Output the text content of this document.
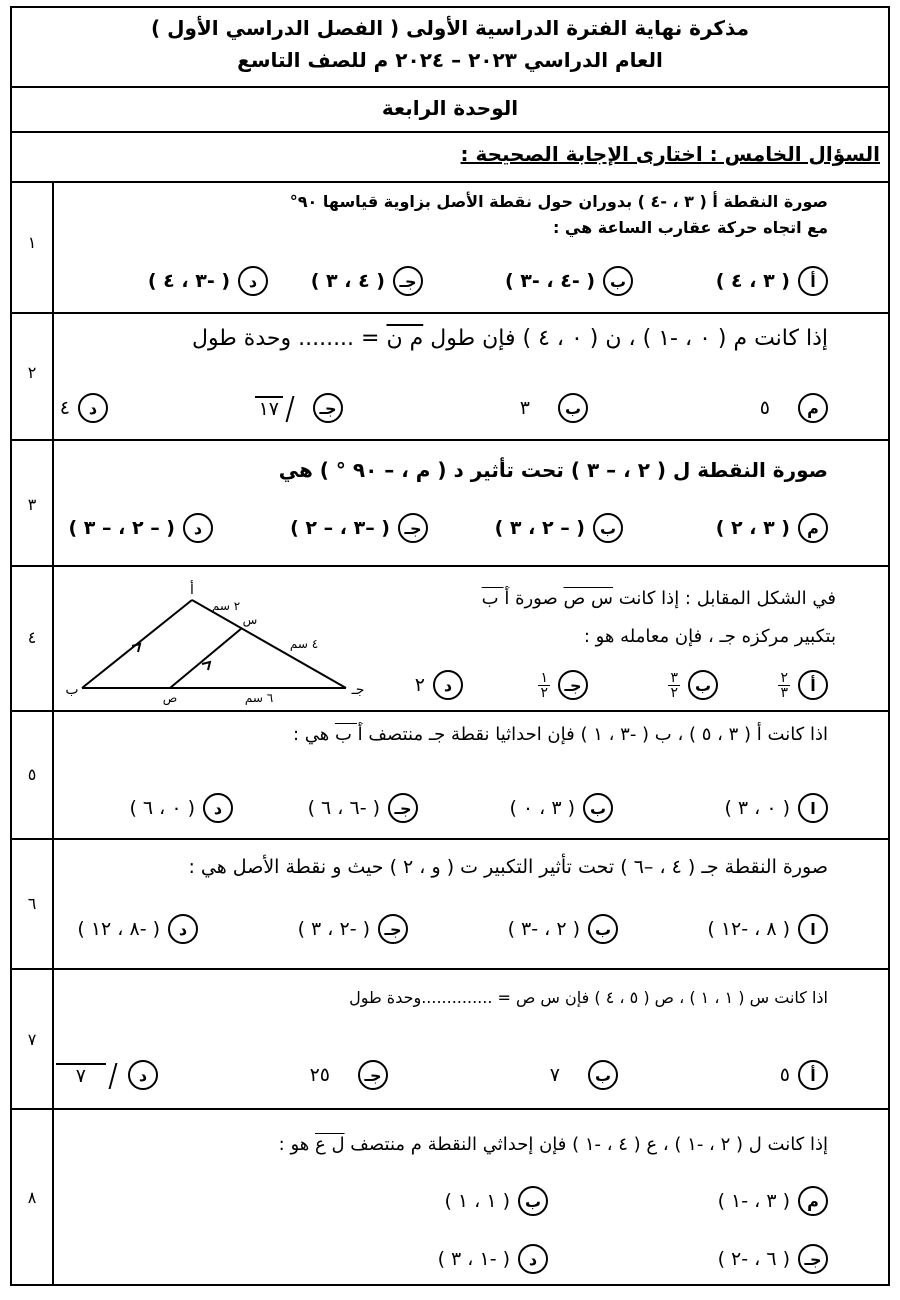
مذكرة نهاية الفترة الدراسية الأولى ( الفصل الدراسي الأول )
العام الدراسي ٢٠٢٣ – ٢٠٢٤ م للصف التاسع
الوحدة الرابعة
السؤال الخامس : اختارى الإجابة الصحيحة :
١
صورة النقطة أ ( ٣ ، -٤ ) بدوران حول نقطة الأصل بزاوية قياسها ٩٠°
مع اتجاه حركة عقارب الساعة هي :
أ
( ٣ ، ٤ )
ب
( -٤ ، -٣ )
جـ
( ٤ ، ٣ )
د
( -٣ ، ٤ )
٢
إذا كانت م ( ٠ ، -١ ) ، ن ( ٠ ، ٤ ) فإن طول م ن = ........ وحدة طول
م
٥
ب
٣
جـ
١٧
د
٤
٣
صورة النقطة ل ( ٢ ، – ٣ ) تحت تأثير د ( م ، – ٩٠ ° ) هي
م
( ٣ ، ٢ )
ب
( – ٢ ، ٣ )
جـ
( –٣ ، – ٢ )
د
( – ٢ ، – ٣ )
٤
في الشكل المقابل : إذا كانت س ص صورة أ ب
بتكبير مركزه جـ ، فإن معامله هو :
أ
$\frac{٢}{٣}$
ب
$\frac{٣}{٢}$
جـ
$\frac{١}{٢}$
د
٢
أ
ب	جـ
س
ص
٢ سم
٤ سم
٦ سم
٥
اذا كانت أ ( ٣ ، ٥ ) ، ب ( -٣ ، ١ ) فإن احداثيا نقطة جـ منتصف أ ب هي :
ا
( ٠ ، ٣ )
ب
( ٣ ، ٠ )
جـ
( -٦ ، ٦ )
د
( ٠ ، ٦ )
٦
صورة النقطة جـ ( ٤ ، –٦ ) تحت تأثير التكبير ت ( و ، ٢ ) حيث و نقطة الأصل هي :
ا
( ٨ ، -١٢ )
ب
( ٢ ، -٣ )
جـ
( -٢ ، ٣ )
د
( -٨ ، ١٢ )
٧
اذا كانت س ( ١ ، ١ ) ، ص ( ٥ ، ٤ ) فإن س ص = ..............وحدة طول
أ
٥
ب
٧
جـ
٢٥
د
٧
٨
إذا كانت ل ( ٢ ، -١ ) ، ع ( ٤ ، -١ ) فإن إحداثي النقطة م منتصف ل ع هو :
م
( ٣ ، -١ )
ب
( ١ ، ١ )
جـ
( ٦ ، -٢ )
د
( -١ ، ٣ )
